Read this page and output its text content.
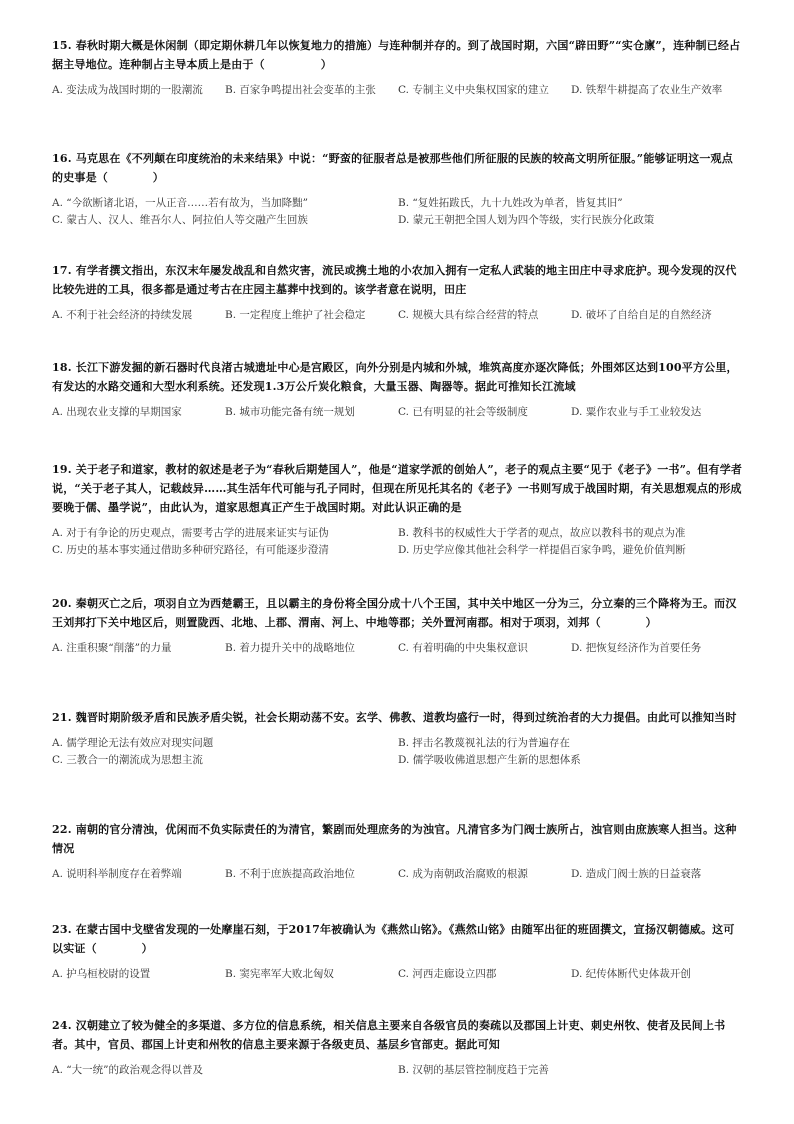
15. 春秋时期大概是休闲制（即定期休耕几年以恢复地力的措施）与连种制并存的。到了战国时期，六国“辟田野”“实仓廪”，连种制已经占据主导地位。连种制占主导本质上是由于（　　　　　）

A. 变法成为战国时期的一股潮流	B. 百家争鸣提出社会变革的主张	C. 专制主义中央集权国家的建立	D. 铁犁牛耕提高了农业生产效率

16. 马克思在《不列颠在印度统治的未来结果》中说：“野蛮的征服者总是被那些他们所征服的民族的较高文明所征服。”能够证明这一观点的史事是（　　　　）

A. “今欲断诸北语，一从正音……若有故为，当加降黜”	B. “复姓拓跋氏，九十九姓改为单者，皆复其旧”
C. 蒙古人、汉人、维吾尔人、阿拉伯人等交融产生回族	D. 蒙元王朝把全国人划为四个等级，实行民族分化政策

17. 有学者撰文指出，东汉末年屡发战乱和自然灾害，流民或携土地的小农加入拥有一定私人武装的地主田庄中寻求庇护。现今发现的汉代比较先进的工具，很多都是通过考古在庄园主墓葬中找到的。该学者意在说明，田庄

A. 不利于社会经济的持续发展	B. 一定程度上维护了社会稳定	C. 规模大具有综合经营的特点	D. 破坏了自给自足的自然经济

18. 长江下游发掘的新石器时代良渚古城遗址中心是宫殿区，向外分别是内城和外城，堆筑高度亦逐次降低；外围郊区达到100平方公里，有发达的水路交通和大型水利系统。还发现1.3万公斤炭化粮食，大量玉器、陶器等。据此可推知长江流域

A. 出现农业支撑的早期国家	B. 城市功能完备有统一规划	C. 已有明显的社会等级制度	D. 粟作农业与手工业较发达

19. 关于老子和道家，教材的叙述是老子为“春秋后期楚国人”，他是“道家学派的创始人”，老子的观点主要“见于《老子》一书”。但有学者说，“关于老子其人，记载歧异……其生活年代可能与孔子同时，但现在所见托其名的《老子》一书则写成于战国时期，有关思想观点的形成要晚于儒、墨学说”，由此认为，道家思想真正产生于战国时期。对此认识正确的是

A. 对于有争论的历史观点，需要考古学的进展来证实与证伪	B. 教科书的权威性大于学者的观点，故应以教科书的观点为准
C. 历史的基本事实通过借助多种研究路径，有可能逐步澄清	D. 历史学应像其他社会科学一样提倡百家争鸣，避免价值判断

20. 秦朝灭亡之后，项羽自立为西楚霸王，且以霸主的身份将全国分成十八个王国，其中关中地区一分为三，分立秦的三个降将为王。而汉王刘邦打下关中地区后，则置陇西、北地、上郡、渭南、河上、中地等郡；关外置河南郡。相对于项羽，刘邦（　　　　）

A. 注重积聚“削藩”的力量	B. 着力提升关中的战略地位	C. 有着明确的中央集权意识	D. 把恢复经济作为首要任务

21. 魏晋时期阶级矛盾和民族矛盾尖锐，社会长期动荡不安。玄学、佛教、道教均盛行一时，得到过统治者的大力提倡。由此可以推知当时

A. 儒学理论无法有效应对现实问题	B. 抨击名教蔑视礼法的行为普遍存在
C. 三教合一的潮流成为思想主流	D. 儒学吸收佛道思想产生新的思想体系

22. 南朝的官分清浊，优闲而不负实际责任的为清官，繁剧而处理庶务的为浊官。凡清官多为门阀士族所占，浊官则由庶族寒人担当。这种情况

A. 说明科举制度存在着弊端	B. 不利于庶族提高政治地位	C. 成为南朝政治腐败的根源	D. 造成门阀士族的日益衰落

23. 在蒙古国中戈壁省发现的一处摩崖石刻，于2017年被确认为《燕然山铭》。《燕然山铭》由随军出征的班固撰文，宣扬汉朝德威。这可以实证（　　　　）

A. 护乌桓校尉的设置	B. 窦宪率军大败北匈奴	C. 河西走廊设立四郡	D. 纪传体断代史体裁开创

24. 汉朝建立了较为健全的多渠道、多方位的信息系统，相关信息主要来自各级官员的奏疏以及郡国上计吏、刺史州牧、使者及民间上书者。其中，官员、郡国上计吏和州牧的信息主要来源于各级吏员、基层乡官部吏。据此可知

A. “大一统”的政治观念得以普及	B. 汉朝的基层管控制度趋于完善
